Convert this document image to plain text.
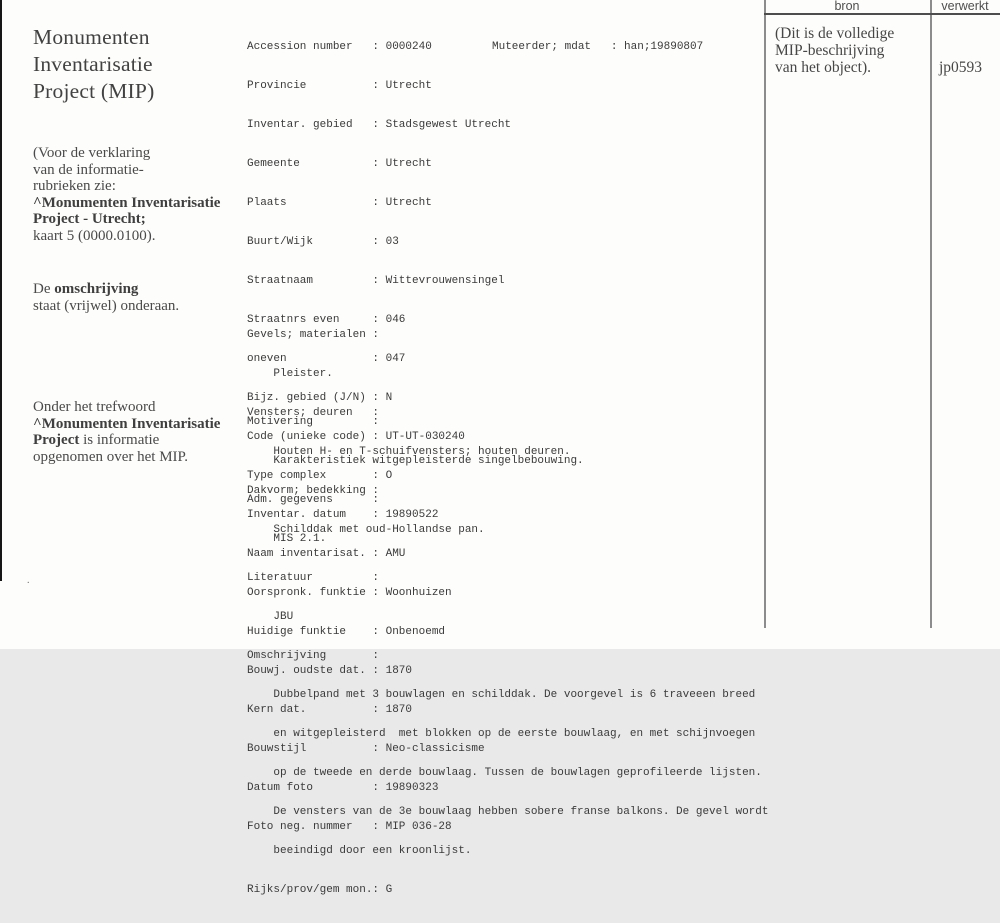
.
Monumenten
Inventarisatie
Project (MIP)
(Voor de verklaring
van de informatie-
rubrieken zie:
^Monumenten Inventarisatie
Project - Utrecht;
kaart 5 (0000.0100).
De omschrijving
staat (vrijwel) onderaan.
Onder het trefwoord
^Monumenten Inventarisatie
Project is informatie
opgenomen over het MIP.

Accession number	: 0000240	Muteerder; mdat	: han;19890807

Provincie	: Utrecht

Inventar. gebied	: Stadsgewest Utrecht

Gemeente	: Utrecht

Plaats	: Utrecht

Buurt/Wijk	: 03

Straatnaam	: Wittevrouwensingel

Straatnrs even	: 046

oneven	: 047

Bijz. gebied (J/N) : N

Code (unieke code) : UT-UT-030240

Type complex	: O

Inventar. datum	: 19890522

Naam inventarisat. : AMU

Oorspronk. funktie : Woonhuizen

Huidige funktie	: Onbenoemd

Bouwj. oudste dat. : 1870

Kern dat.	: 1870

Bouwstijl	: Neo-classicisme

Datum foto	: 19890323

Foto neg. nummer	: MIP 036-28

Gevels; materialen :

Pleister.

Vensters; deuren	:

Houten H- en T-schuifvensters; houten deuren.

Dakvorm; bedekking :

Schilddak met oud-Hollandse pan.

Motivering	:

Karakteristiek witgepleisterde singelbebouwing.

Adm. gegevens	:

MIS 2.1.

Literatuur	:

JBU

Omschrijving	:

Dubbelpand met 3 bouwlagen en schilddak. De voorgevel is 6 traveeen breed

en witgepleisterd  met blokken op de eerste bouwlaag, en met schijnvoegen

op de tweede en derde bouwlaag. Tussen de bouwlagen geprofileerde lijsten.

De vensters van de 3e bouwlaag hebben sobere franse balkons. De gevel wordt

beeindigd door een kroonlijst.

Rijks/prov/gem mon. : G

bron	verwerkt
(Dit is de volledige
MIP-beschrijving
van het object).	jp0593
